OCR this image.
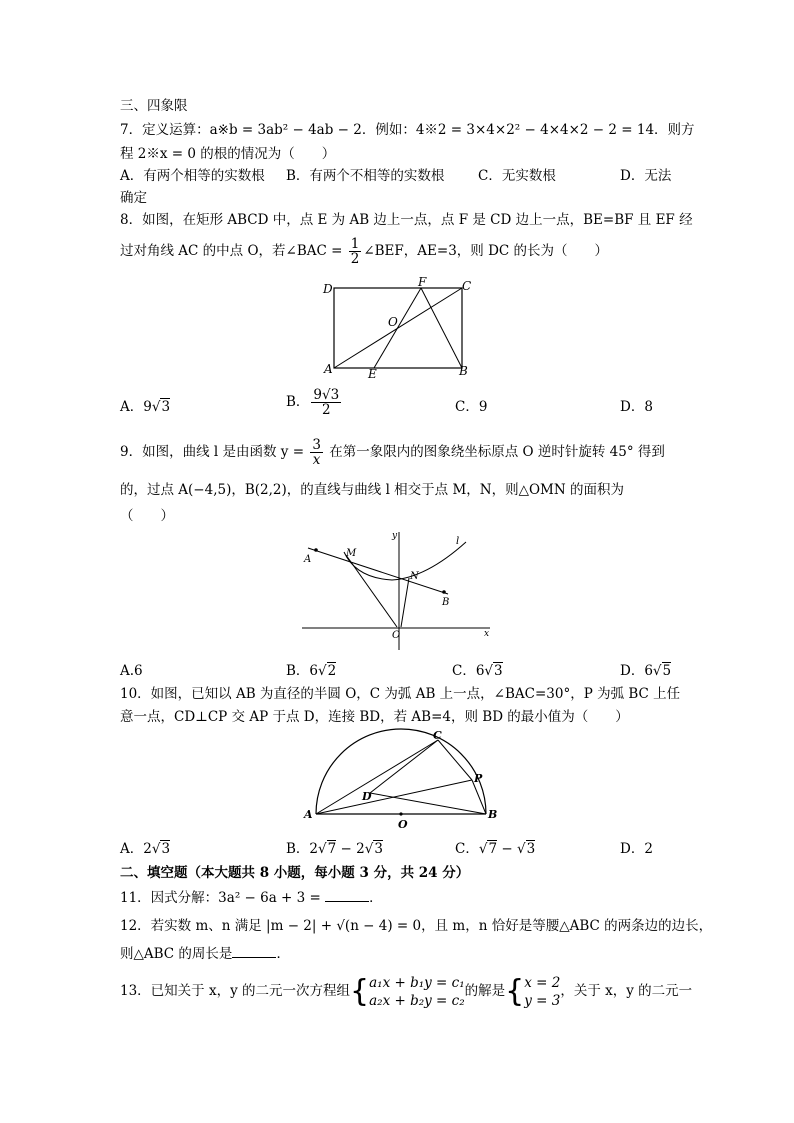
三、四象限
7．定义运算：a※b = 3ab² − 4ab − 2．例如：4※2 = 3×4×2² − 4×4×2 − 2 = 14．则方
程 2※x = 0 的根的情况为（　　）
A．有两个相等的实数根 B．有两个不相等的实数根 C．无实数根	D．无法
确定
8．如图，在矩形 ABCD 中，点 E 为 AB 边上一点，点 F 是 CD 边上一点，BE=BF 且 EF 经
过对角线 AC 的中点 O，若∠BAC = $\frac{1}{2}$ ∠BEF，AE=3，则 DC 的长为（　　）
D	F	C
O
A	E	B
A．9√3	B． $\frac{9√3}{2}$	C．9	D．8
9．如图，曲线 l 是由函数 $y = \frac{3}{x}$ 在第一象限内的图象绕坐标原点 O 逆时针旋转 45° 得到
的，过点 A(−4,5)，B(2,2)，的直线与曲线 l 相交于点 M，N，则△OMN 的面积为
（　　）
A
M
N
B
O
l
y
x
A.6	B．6√2	C．6√3	D．6√5
10．如图，已知以 AB 为直径的半圆 O，C 为弧 AB 上一点，∠BAC=30°，P 为弧 BC 上任
意一点，CD⊥CP 交 AP 于点 D，连接 BD，若 AB=4，则 BD 的最小值为（　　）
A	B
C
D
P
O
A．2√3	B．2√7 − 2√3	C．√7 − √3	D．2
二、填空题（本大题共 8 小题，每小题 3 分，共 24 分）
11．因式分解：3a² − 6a + 3 =	．
12．若实数 m、n 满足 |m − 2| + √(n − 4) = 0，且 m，n 恰好是等腰△ABC 的两条边的边长，
则△ABC 的周长是	．
13．已知关于 x，y 的二元一次方程组{ a₁x + b₁y = c₁
a₂x + b₂y = c₂
的解是{ x = 2
y = 3
，关于 x，y 的二元一
